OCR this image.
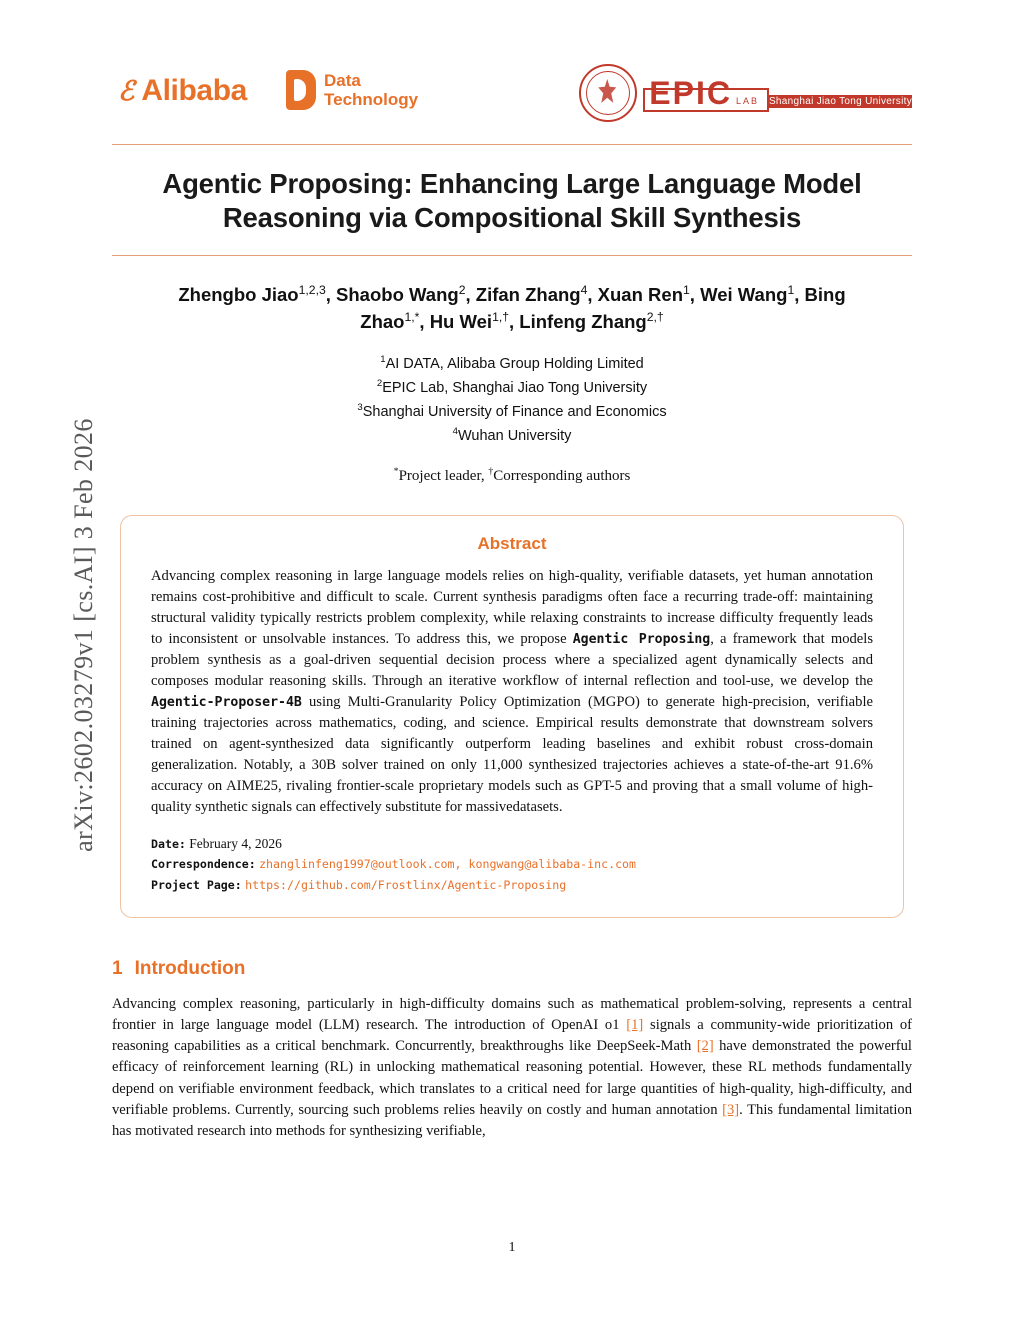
arXiv:2602.03279v1 [cs.AI] 3 Feb 2026
ℰ Alibaba	Data
Technology	EPIC LAB Shanghai Jiao Tong University
Agentic Proposing: Enhancing Large Language Model Reasoning via Compositional Skill Synthesis
Zhengbo Jiao$^{1,2,3}$, Shaobo Wang$^2$, Zifan Zhang$^4$, Xuan Ren$^1$, Wei Wang$^1$, Bing
Zhao$^{1,*}$, Hu Wei$^{1,\dagger}$, Linfeng Zhang$^{2,\dagger}$
$^1$AI DATA, Alibaba Group Holding Limited
$^2$EPIC Lab, Shanghai Jiao Tong University
$^3$Shanghai University of Finance and Economics
$^4$Wuhan University
*Project leader, †Corresponding authors
Abstract
Advancing complex reasoning in large language models relies on high-quality, verifiable datasets, yet human annotation remains cost-prohibitive and difficult to scale. Current synthesis paradigms often face a recurring trade-off: maintaining structural validity typically restricts problem complexity, while relaxing constraints to increase difficulty frequently leads to inconsistent or unsolvable instances. To address this, we propose Agentic Proposing, a framework that models problem synthesis as a goal-driven sequential decision process where a specialized agent dynamically selects and composes modular reasoning skills. Through an iterative workflow of internal reflection and tool-use, we develop the Agentic-Proposer-4B using Multi-Granularity Policy Optimization (MGPO) to generate high-precision, verifiable training trajectories across mathematics, coding, and science. Empirical results demonstrate that downstream solvers trained on agent-synthesized data significantly outperform leading baselines and exhibit robust cross-domain generalization. Notably, a 30B solver trained on only 11,000 synthesized trajectories achieves a state-of-the-art 91.6% accuracy on AIME25, rivaling frontier-scale proprietary models such as GPT-5 and proving that a small volume of high-quality synthetic signals can effectively substitute for massivedatasets.
Date: February 4, 2026
Correspondence: zhanglinfeng1997@outlook.com, kongwang@alibaba-inc.com
Project Page: https://github.com/Frostlinx/Agentic-Proposing
1 Introduction
Advancing complex reasoning, particularly in high-difficulty domains such as mathematical problem-solving, represents a central frontier in large language model (LLM) research. The introduction of OpenAI o1 [1] signals a community-wide prioritization of reasoning capabilities as a critical benchmark. Concurrently, breakthroughs like DeepSeek-Math [2] have demonstrated the powerful efficacy of reinforcement learning (RL) in unlocking mathematical reasoning potential. However, these RL methods fundamentally depend on verifiable environment feedback, which translates to a critical need for large quantities of high-quality, high-difficulty, and verifiable problems. Currently, sourcing such problems relies heavily on costly and human annotation [3]. This fundamental limitation has motivated research into methods for synthesizing verifiable,
1
